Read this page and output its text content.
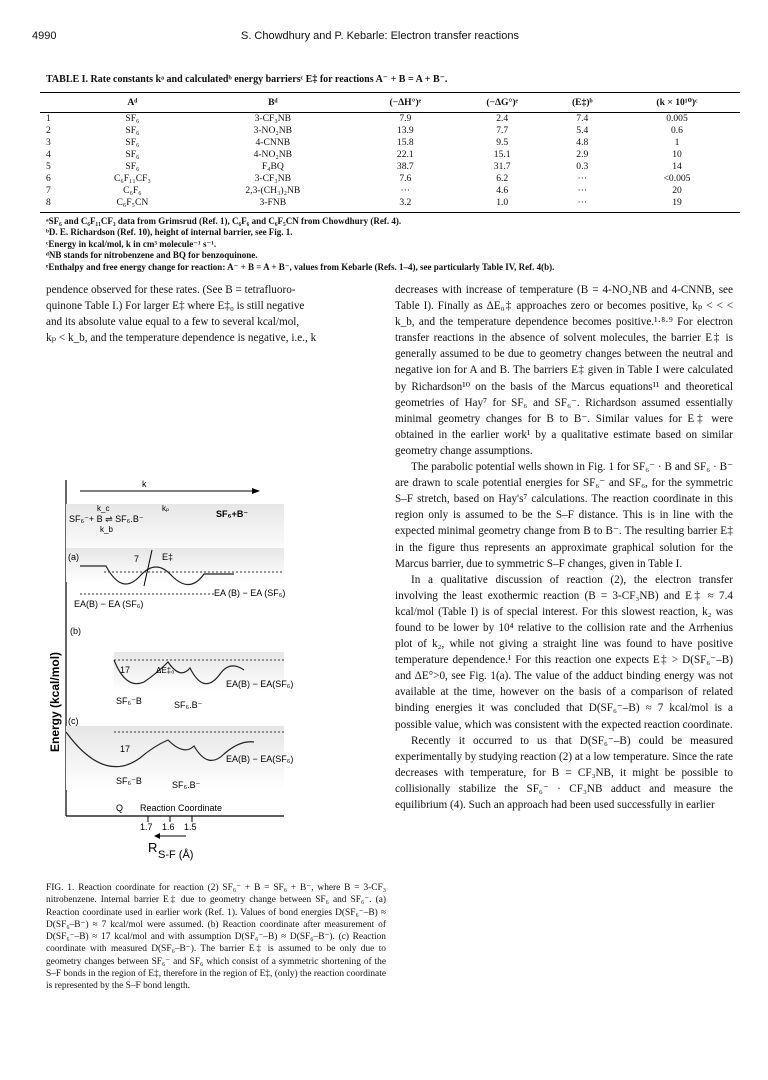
4990	S. Chowdhury and P. Kebarle: Electron transfer reactions
TABLE I. Rate constants kᵃ and calculatedᵇ energy barriersᶜ E‡ for reactions A⁻ + B = A + B⁻.
	Aᵈ	Bᵈ	(−ΔH°)ᵉ	(−ΔG°)ᵉ	(E‡)ᵇ	(k × 10¹⁰)ᶜ
1	SF₆	3-CF₃NB	7.9	2.4	7.4	0.005
2	SF₆	3-NO₂NB	13.9	7.7	5.4	0.6
3	SF₆	4-CNNB	15.8	9.5	4.8	1
4	SF₆	4-NO₂NB	22.1	15.1	2.9	10
5	SF₆	F₄BQ	38.7	31.7	0.3	14
6	C₆F₁₁CF₃	3-CF₃NB	7.6	6.2	···	<0.005
7	C₆F₆	2,3-(CH₃)₂NB	···	4.6	···	20
8	C₆F₅CN	3-FNB	3.2	1.0	···	19
ᵃSF₆ and C₆F₁₁CF₃ data from Grimsrud (Ref. 1), C₆F₆ and C₆F₅CN from Chowdhury (Ref. 4).
ᵇD. E. Richardson (Ref. 10), height of internal barrier, see Fig. 1.
ᶜEnergy in kcal/mol, k in cm³ molecule⁻¹ s⁻¹.
ᵈNB stands for nitrobenzene and BQ for benzoquinone.
ᵉEnthalpy and free energy change for reaction: A⁻ + B = A + B⁻, values from Kebarle (Refs. 1–4), see particularly Table IV, Ref. 4(b).
pendence observed for these rates. (See B = tetrafluoro-
quinone Table I.) For larger E‡ where E‡₀ is still negative
and its absolute value equal to a few to several kcal/mol,
kₚ < k_b, and the temperature dependence is negative, i.e., k
k
k_c	kₚ
k_b
SF₆⁻+ B ⇌ SF₆.B⁻	SF₆+B⁻
(a)	7	E‡
EA(B) − EA (SF₆)
EA (B) − EA (SF₆)
(b)
17	ΔE‡₀
EA(B) − EA(SF₆)
SF₆⁻B	SF₆.B⁻
Energy (kcal/mol) (c)
17
EA(B) − EA(SF₆)
SF₆⁻B	SF₆.B⁻
Q Reaction Coordinate
1.7 1.6 1.5
R S-F (Å)
FIG. 1. Reaction coordinate for reaction (2) SF₆⁻ + B = SF₆ + B⁻, where B = 3-CF₃ nitrobenzene. Internal barrier E‡ due to geometry change between SF₆ and SF₆⁻. (a) Reaction coordinate used in earlier work (Ref. 1). Values of bond energies D(SF₆⁻–B) ≈ D(SF₆–B⁻) ≈ 7 kcal/mol were assumed. (b) Reaction coordinate after measurement of D(SF₆⁻–B) ≈ 17 kcal/mol and with assumption D(SF₆⁻–B) ≈ D(SF₆–B⁻). (c) Reaction coordinate with measured D(SF₆–B⁻). The barrier E‡ is assumed to be only due to geometry changes between SF₆⁻ and SF₆ which consist of a symmetric shortening of the S–F bonds in the region of E‡, therefore in the region of E‡, (only) the reaction coordinate is represented by the S–F bond length.

decreases with increase of temperature (B = 4-NO₂NB and 4-CNNB, see Table I). Finally as ΔE₀‡ approaches zero or becomes positive, kₚ < < < k_b, and the temperature dependence becomes positive.¹·⁸·⁹ For electron transfer reactions in the absence of solvent molecules, the barrier E‡ is generally assumed to be due to geometry changes between the neutral and negative ion for A and B. The barriers E‡ given in Table I were calculated by Richardson¹⁰ on the basis of the Marcus equations¹¹ and theoretical geometries of Hay⁷ for SF₆ and SF₆⁻. Richardson assumed essentially minimal geometry changes for B to B⁻. Similar values for E‡ were obtained in the earlier work¹ by a qualitative estimate based on similar geometry change assumptions.

The parabolic potential wells shown in Fig. 1 for SF₆⁻ · B and SF₆ · B⁻ are drawn to scale potential energies for SF₆⁻ and SF₆, for the symmetric S–F stretch, based on Hay's⁷ calculations. The reaction coordinate in this region only is assumed to be the S–F distance. This is in line with the expected minimal geometry change from B to B⁻. The resulting barrier E‡ in the figure thus represents an approximate graphical solution for the Marcus barrier, due to symmetric S–F changes, given in Table I.

In a qualitative discussion of reaction (2), the electron transfer involving the least exothermic reaction (B = 3-CF₃NB) and E‡ ≈ 7.4 kcal/mol (Table I) is of special interest. For this slowest reaction, k₂ was found to be lower by 10⁴ relative to the collision rate and the Arrhenius plot of k₂, while not giving a straight line was found to have positive temperature dependence.¹ For this reaction one expects E‡ > D(SF₆⁻–B) and ΔE°>0, see Fig. 1(a). The value of the adduct binding energy was not available at the time, however on the basis of a comparison of related binding energies it was concluded that D(SF₆⁻–B) ≈ 7 kcal/mol is a possible value, which was consistent with the expected reaction coordinate.

Recently it occurred to us that D(SF₆⁻–B) could be measured experimentally by studying reaction (2) at a low temperature. Since the rate decreases with temperature, for B = CF₃NB, it might be possible to collisionally stabilize the SF₆⁻ · CF₃NB adduct and measure the equilibrium (4). Such an approach had been used successfully in earlier
